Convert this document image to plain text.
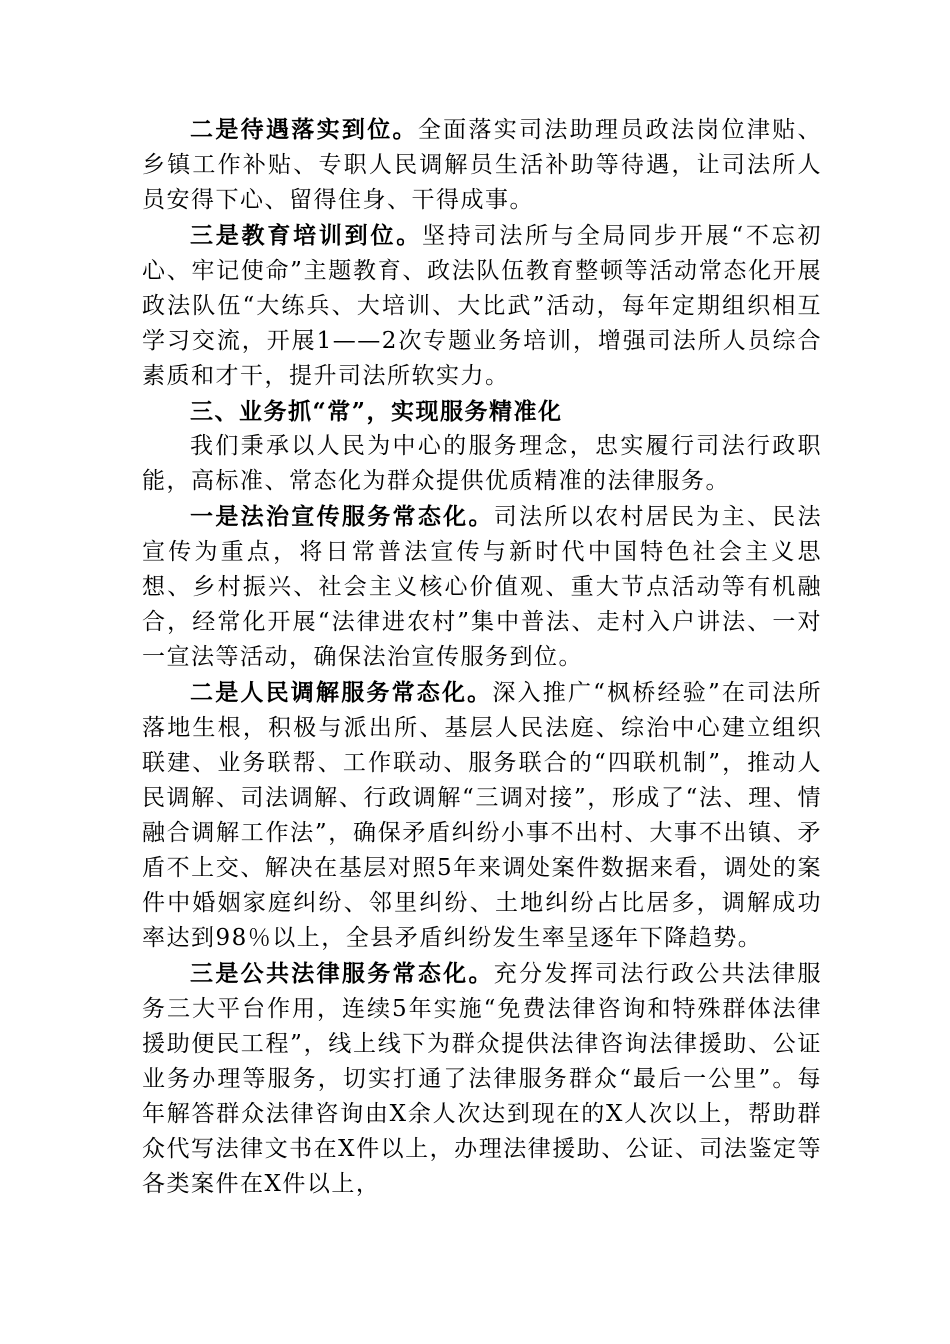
二是待遇落实到位。全面落实司法助理员政法岗位津贴、乡镇工作补贴、专职人民调解员生活补助等待遇，让司法所人员安得下心、留得住身、干得成事。

三是教育培训到位。坚持司法所与全局同步开展“不忘初心、牢记使命”主题教育、政法队伍教育整顿等活动常态化开展政法队伍“大练兵、大培训、大比武”活动，每年定期组织相互学习交流，开展1——2次专题业务培训，增强司法所人员综合素质和才干，提升司法所软实力。

三、业务抓“常”，实现服务精准化

我们秉承以人民为中心的服务理念，忠实履行司法行政职能，高标准、常态化为群众提供优质精准的法律服务。

一是法治宣传服务常态化。司法所以农村居民为主、民法宣传为重点，将日常普法宣传与新时代中国特色社会主义思想、乡村振兴、社会主义核心价值观、重大节点活动等有机融合，经常化开展“法律进农村”集中普法、走村入户讲法、一对一宣法等活动，确保法治宣传服务到位。

二是人民调解服务常态化。深入推广“枫桥经验”在司法所落地生根，积极与派出所、基层人民法庭、综治中心建立组织联建、业务联帮、工作联动、服务联合的“四联机制”，推动人民调解、司法调解、行政调解“三调对接”，形成了“法、理、情融合调解工作法”，确保矛盾纠纷小事不出村、大事不出镇、矛盾不上交、解决在基层对照5年来调处案件数据来看，调处的案件中婚姻家庭纠纷、邻里纠纷、土地纠纷占比居多，调解成功率达到98％以上，全县矛盾纠纷发生率呈逐年下降趋势。

三是公共法律服务常态化。充分发挥司法行政公共法律服务三大平台作用，连续5年实施“免费法律咨询和特殊群体法律援助便民工程”，线上线下为群众提供法律咨询法律援助、公证业务办理等服务，切实打通了法律服务群众“最后一公里”。每年解答群众法律咨询由X余人次达到现在的X人次以上，帮助群众代写法律文书在X件以上，办理法律援助、公证、司法鉴定等各类案件在X件以上，
